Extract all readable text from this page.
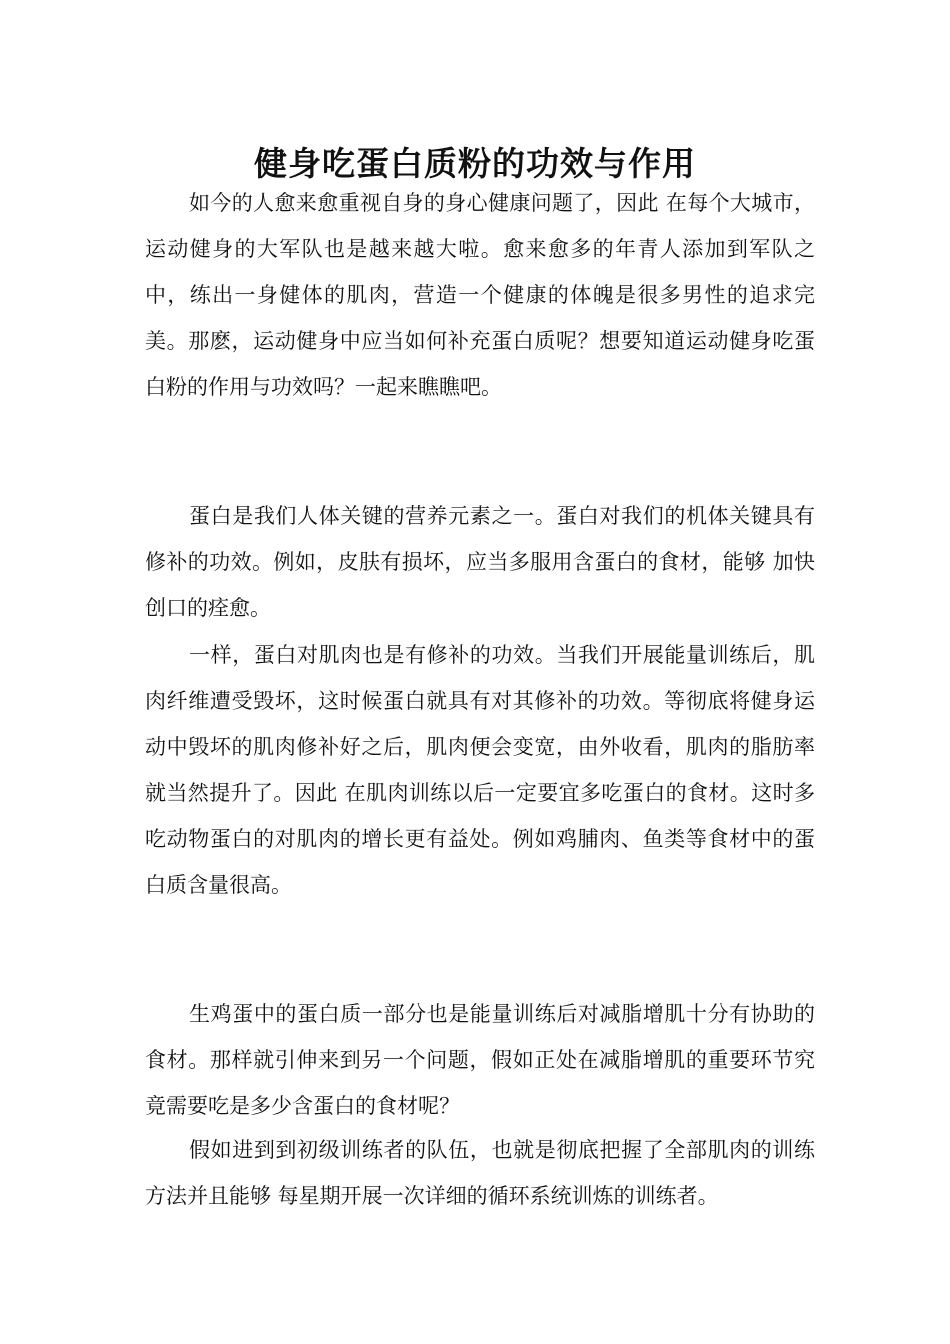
健身吃蛋白质粉的功效与作用

如今的人愈来愈重视自身的身心健康问题了，因此 在每个大城市，运动健身的大军队也是越来越大啦。愈来愈多的年青人添加到军队之中，练出一身健体的肌肉，营造一个健康的体魄是很多男性的追求完美。那麽，运动健身中应当如何补充蛋白质呢？想要知道运动健身吃蛋白粉的作用与功效吗？一起来瞧瞧吧。

蛋白是我们人体关键的营养元素之一。蛋白对我们的机体关键具有修补的功效。例如，皮肤有损坏，应当多服用含蛋白的食材，能够 加快创口的痊愈。

一样，蛋白对肌肉也是有修补的功效。当我们开展能量训练后，肌肉纤维遭受毁坏，这时候蛋白就具有对其修补的功效。等彻底将健身运动中毁坏的肌肉修补好之后，肌肉便会变宽，由外收看，肌肉的脂肪率就当然提升了。因此 在肌肉训练以后一定要宜多吃蛋白的食材。这时多吃动物蛋白的对肌肉的增长更有益处。例如鸡脯肉、鱼类等食材中的蛋白质含量很高。

生鸡蛋中的蛋白质一部分也是能量训练后对减脂增肌十分有协助的食材。那样就引伸来到另一个问题，假如正处在减脂增肌的重要环节究竟需要吃是多少含蛋白的食材呢？

假如进到到初级训练者的队伍，也就是彻底把握了全部肌肉的训练方法并且能够 每星期开展一次详细的循环系统训炼的训练者。
